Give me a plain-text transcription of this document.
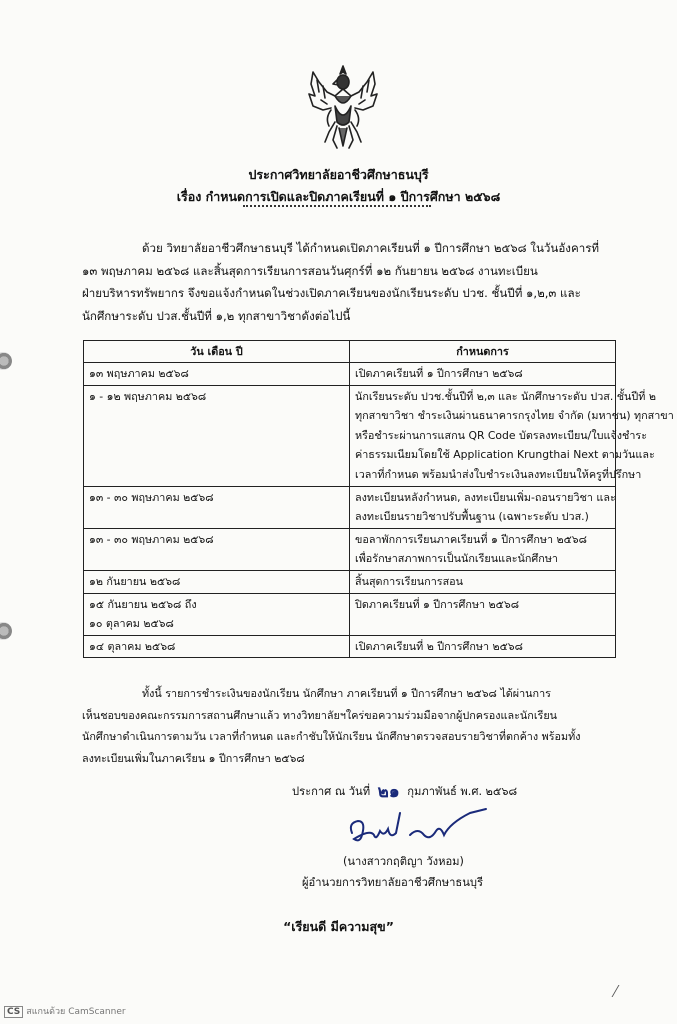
ประกาศวิทยาลัยอาชีวศึกษาธนบุรี
เรื่อง กำหนดการเปิดและปิดภาคเรียนที่ ๑ ปีการศึกษา ๒๕๖๘
ด้วย วิทยาลัยอาชีวศึกษาธนบุรี ได้กำหนดเปิดภาคเรียนที่ ๑ ปีการศึกษา ๒๕๖๘ ในวันอังคารที่
๑๓ พฤษภาคม ๒๕๖๘ และสิ้นสุดการเรียนการสอนวันศุกร์ที่ ๑๒ กันยายน ๒๕๖๘ งานทะเบียน
ฝ่ายบริหารทรัพยากร จึงขอแจ้งกำหนดในช่วงเปิดภาคเรียนของนักเรียนระดับ ปวช. ชั้นปีที่ ๑,๒,๓ และ
นักศึกษาระดับ ปวส.ชั้นปีที่ ๑,๒ ทุกสาขาวิชาดังต่อไปนี้
วัน เดือน ปี	กำหนดการ

๑๓ พฤษภาคม ๒๕๖๘	เปิดภาคเรียนที่ ๑ ปีการศึกษา ๒๕๖๘

๑ - ๑๒ พฤษภาคม ๒๕๖๘	นักเรียนระดับ ปวช.ชั้นปีที่ ๒,๓ และ นักศึกษาระดับ ปวส. ชั้นปีที่ ๒
ทุกสาขาวิชา ชำระเงินผ่านธนาคารกรุงไทย จำกัด (มหาชน) ทุกสาขา
หรือชำระผ่านการแสกน QR Code บัตรลงทะเบียน/ใบแจ้งชำระ
ค่าธรรมเนียมโดยใช้ Application Krungthai Next ตามวันและ
เวลาที่กำหนด พร้อมนำส่งใบชำระเงินลงทะเบียนให้ครูที่ปรึกษา

๑๓ - ๓๐ พฤษภาคม ๒๕๖๘	ลงทะเบียนหลังกำหนด, ลงทะเบียนเพิ่ม-ถอนรายวิชา และ
ลงทะเบียนรายวิชาปรับพื้นฐาน (เฉพาะระดับ ปวส.)

๑๓ - ๓๐ พฤษภาคม ๒๕๖๘	ขอลาพักการเรียนภาคเรียนที่ ๑ ปีการศึกษา ๒๕๖๘
เพื่อรักษาสภาพการเป็นนักเรียนและนักศึกษา

๑๒ กันยายน ๒๕๖๘	สิ้นสุดการเรียนการสอน

๑๕ กันยายน ๒๕๖๘ ถึง
๑๐ ตุลาคม ๒๕๖๘	ปิดภาคเรียนที่ ๑ ปีการศึกษา ๒๕๖๘

๑๔ ตุลาคม ๒๕๖๘	เปิดภาคเรียนที่ ๒ ปีการศึกษา ๒๕๖๘
ทั้งนี้ รายการชำระเงินของนักเรียน นักศึกษา ภาคเรียนที่ ๑ ปีการศึกษา ๒๕๖๘ ได้ผ่านการ
เห็นชอบของคณะกรรมการสถานศึกษาแล้ว ทางวิทยาลัยฯใคร่ขอความร่วมมือจากผู้ปกครองและนักเรียน
นักศึกษาดำเนินการตามวัน เวลาที่กำหนด และกำชับให้นักเรียน นักศึกษาตรวจสอบรายวิชาที่ตกค้าง พร้อมทั้ง
ลงทะเบียนเพิ่มในภาคเรียน ๑ ปีการศึกษา ๒๕๖๘
ประกาศ ณ วันที่ ๒๑ กุมภาพันธ์ พ.ศ. ๒๕๖๘
(นางสาวกฤติญา วังหอม)
ผู้อำนวยการวิทยาลัยอาชีวศึกษาธนบุรี
“เรียนดี มีความสุข”
CS สแกนด้วย CamScanner
